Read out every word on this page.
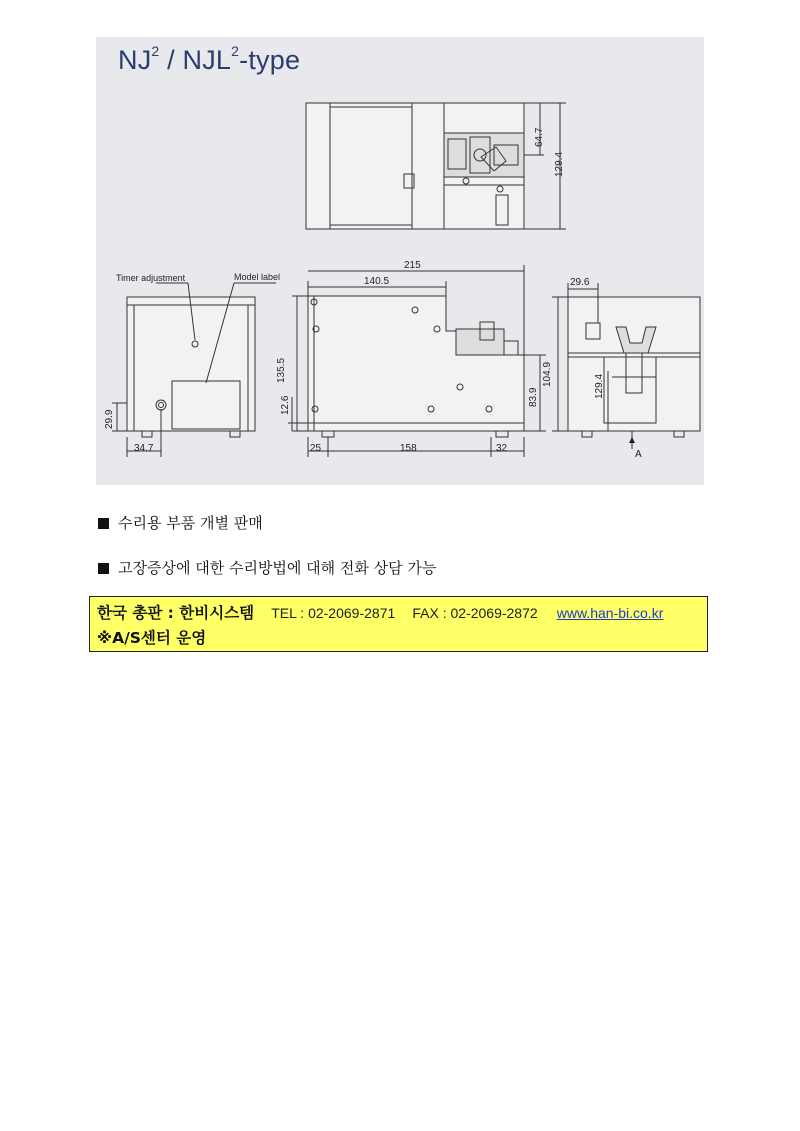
$NJ^2$ / NJL$^2$-type
64.7
129.4
215
140.5	29.6
135.5
12.6	83.9
104.9	129.4
29.9
34.7	25	158	32
Timer adjustment	Model label
A
수리용 부품 개별 판매
고장증상에 대한 수리방법에 대해 전화 상담 가능
한국 총판 : 한비시스템 TEL : 02-2069-2871 FAX : 02-2069-2872 www.han-bi.co.kr
※A/S센터 운영
